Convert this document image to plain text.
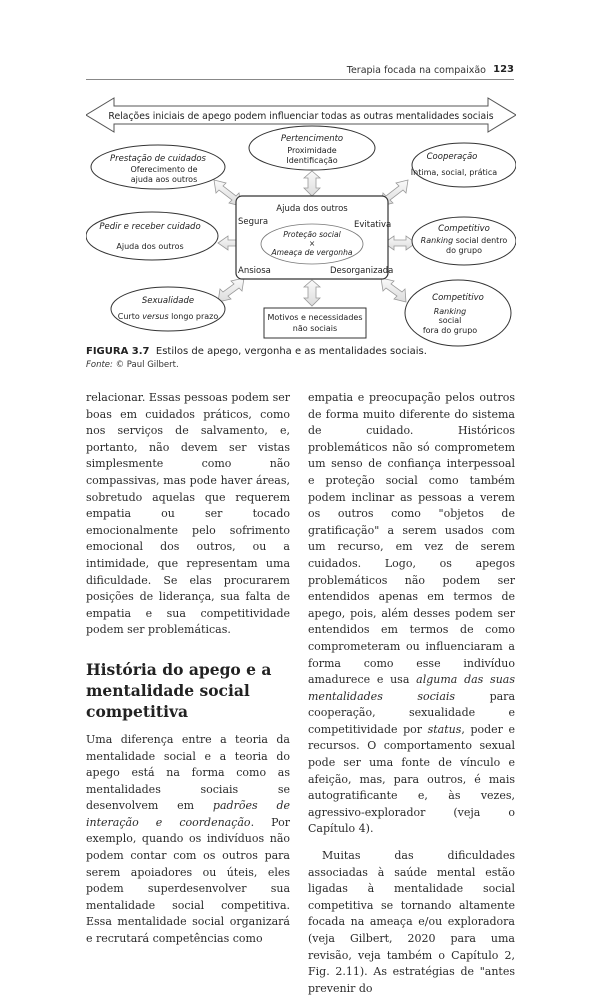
Terapia focada na compaixão 123
Relações iniciais de apego podem influenciar todas as outras mentalidades sociais
Ajuda dos outros
Segura	Evitativa
Ansiosa	Desorganizada
Proteção social
×
Ameaça de vergonha
Pertencimento
Proximidade
Identificação
Prestação de cuidados
Oferecimento de
ajuda aos outros
Cooperação
Íntima, social, prática
Pedir e receber cuidado
Ajuda dos outros
Competitivo
Ranking social dentro
do grupo
Sexualidade
Curto versus longo prazo	Motivos e necessidades
não sociais
Competitivo
Ranking
social
fora do grupo
FIGURA 3.7 Estilos de apego, vergonha e as mentalidades sociais.
Fonte: © Paul Gilbert.

relacionar. Essas pessoas podem ser boas em cuidados práticos, como nos serviços de salvamento, e, portanto, não devem ser vistas simplesmente como não compassivas, mas pode haver áreas, sobretudo aquelas que requerem empatia ou ser tocado emocionalmente pelo sofrimento emocional dos outros, ou a intimidade, que representam uma dificuldade. Se elas procurarem posições de liderança, sua falta de empatia e sua competitividade podem ser problemáticas.

História do apego e a mentalidade social competitiva

Uma diferença entre a teoria da mentalidade social e a teoria do apego está na forma como as mentalidades sociais se desenvolvem em padrões de interação e coordenação. Por exemplo, quando os indivíduos não podem contar com os outros para serem apoiadores ou úteis, eles podem superdesenvolver sua mentalidade social competitiva. Essa mentalidade social organizará e recrutará competências como

empatia e preocupação pelos outros de forma muito diferente do sistema de cuidado. Históricos problemáticos não só comprometem um senso de confiança interpessoal e proteção social como também podem inclinar as pessoas a verem os outros como "objetos de gratificação" a serem usados com um recurso, em vez de serem cuidados. Logo, os apegos problemáticos não podem ser entendidos apenas em termos de apego, pois, além desses podem ser entendidos em termos de como comprometeram ou influenciaram a forma como esse indivíduo amadurece e usa alguma das suas mentalidades sociais para cooperação, sexualidade e competitividade por status, poder e recursos. O comportamento sexual pode ser uma fonte de vínculo e afeição, mas, para outros, é mais autogratificante e, às vezes, agressivo-explorador (veja o Capítulo 4).

Muitas das dificuldades associadas à saúde mental estão ligadas à mentalidade social competitiva se tornando altamente focada na ameaça e/ou exploradora (veja Gilbert, 2020 para uma revisão, veja também o Capítulo 2, Fig. 2.11). As estratégias de "antes prevenir do
